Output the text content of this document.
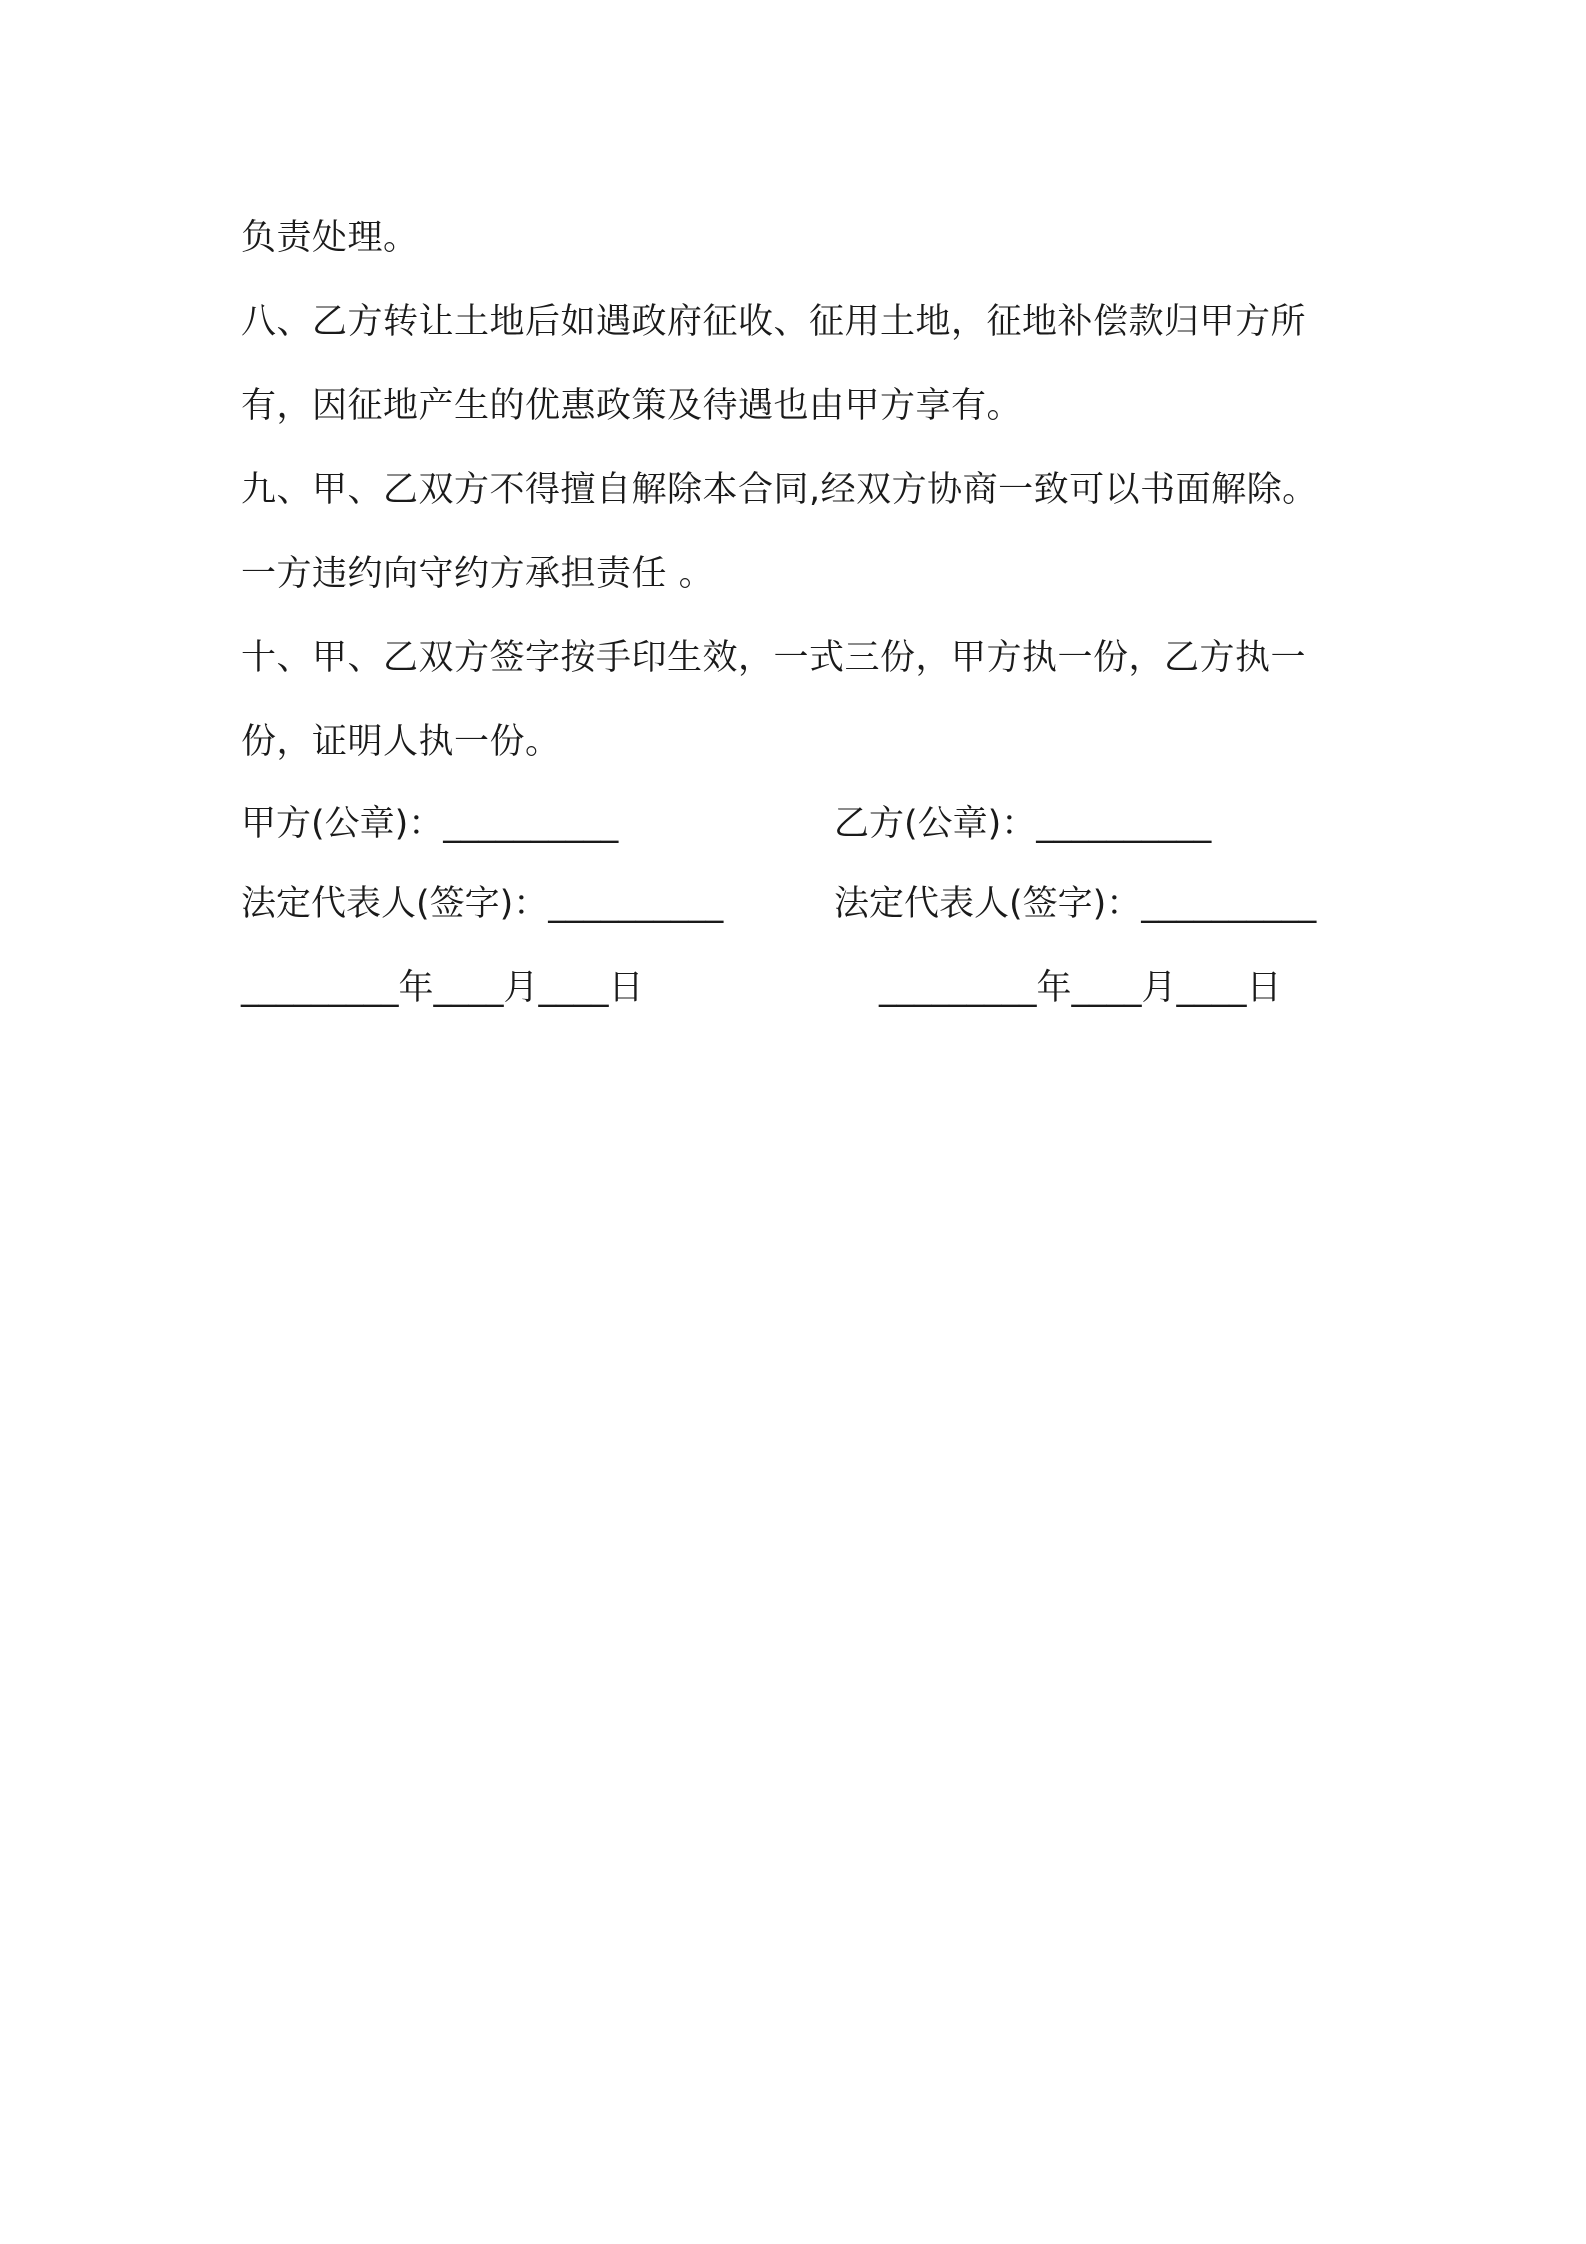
负责处理。
八、乙方转让土地后如遇政府征收、征用土地，征地补偿款归甲方所
有，因征地产生的优惠政策及待遇也由甲方享有。
九、甲、乙双方不得擅自解除本合同,经双方协商一致可以书面解除。
一方违约向守约方承担责任 。
十、甲、乙双方签字按手印生效，一式三份，甲方执一份，乙方执一
份，证明人执一份。
甲方(公章)：__________	乙方(公章)：__________
法定代表人(签字)：__________	法定代表人(签字)：__________
_________年____月____日	_________年____月____日
